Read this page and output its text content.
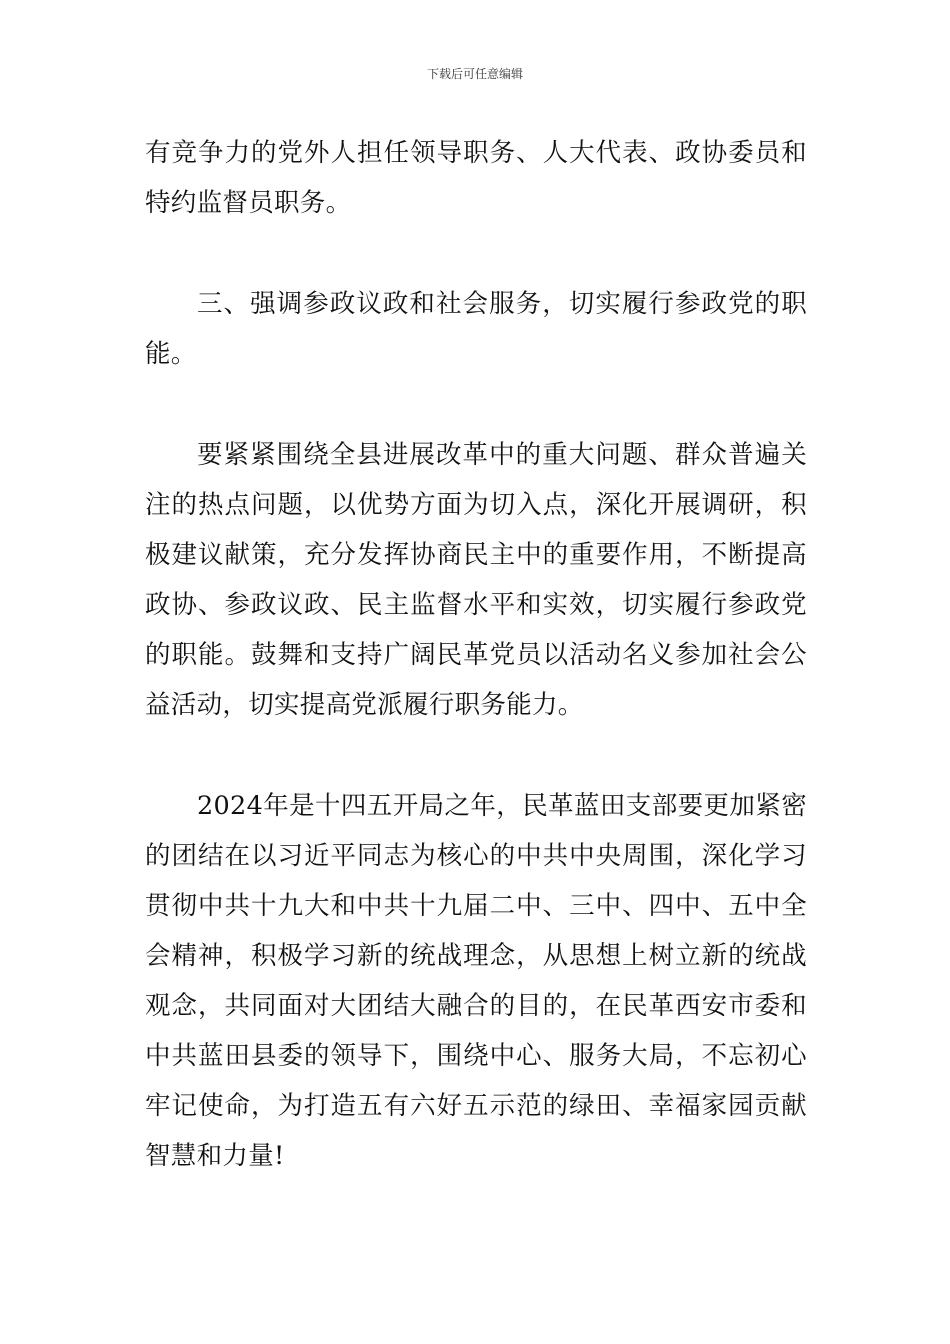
下载后可任意编辑

有竞争力的党外人担任领导职务、人大代表、政协委员和特约监督员职务。

三、强调参政议政和社会服务，切实履行参政党的职能。

要紧紧围绕全县进展改革中的重大问题、群众普遍关注的热点问题，以优势方面为切入点，深化开展调研，积极建议献策，充分发挥协商民主中的重要作用，不断提高政协、参政议政、民主监督水平和实效，切实履行参政党的职能。鼓舞和支持广阔民革党员以活动名义参加社会公益活动，切实提高党派履行职务能力。

2024年是十四五开局之年，民革蓝田支部要更加紧密的团结在以习近平同志为核心的中共中央周围，深化学习贯彻中共十九大和中共十九届二中、三中、四中、五中全会精神，积极学习新的统战理念，从思想上树立新的统战观念，共同面对大团结大融合的目的，在民革西安市委和中共蓝田县委的领导下，围绕中心、服务大局，不忘初心牢记使命，为打造五有六好五示范的绿田、幸福家园贡献智慧和力量!
